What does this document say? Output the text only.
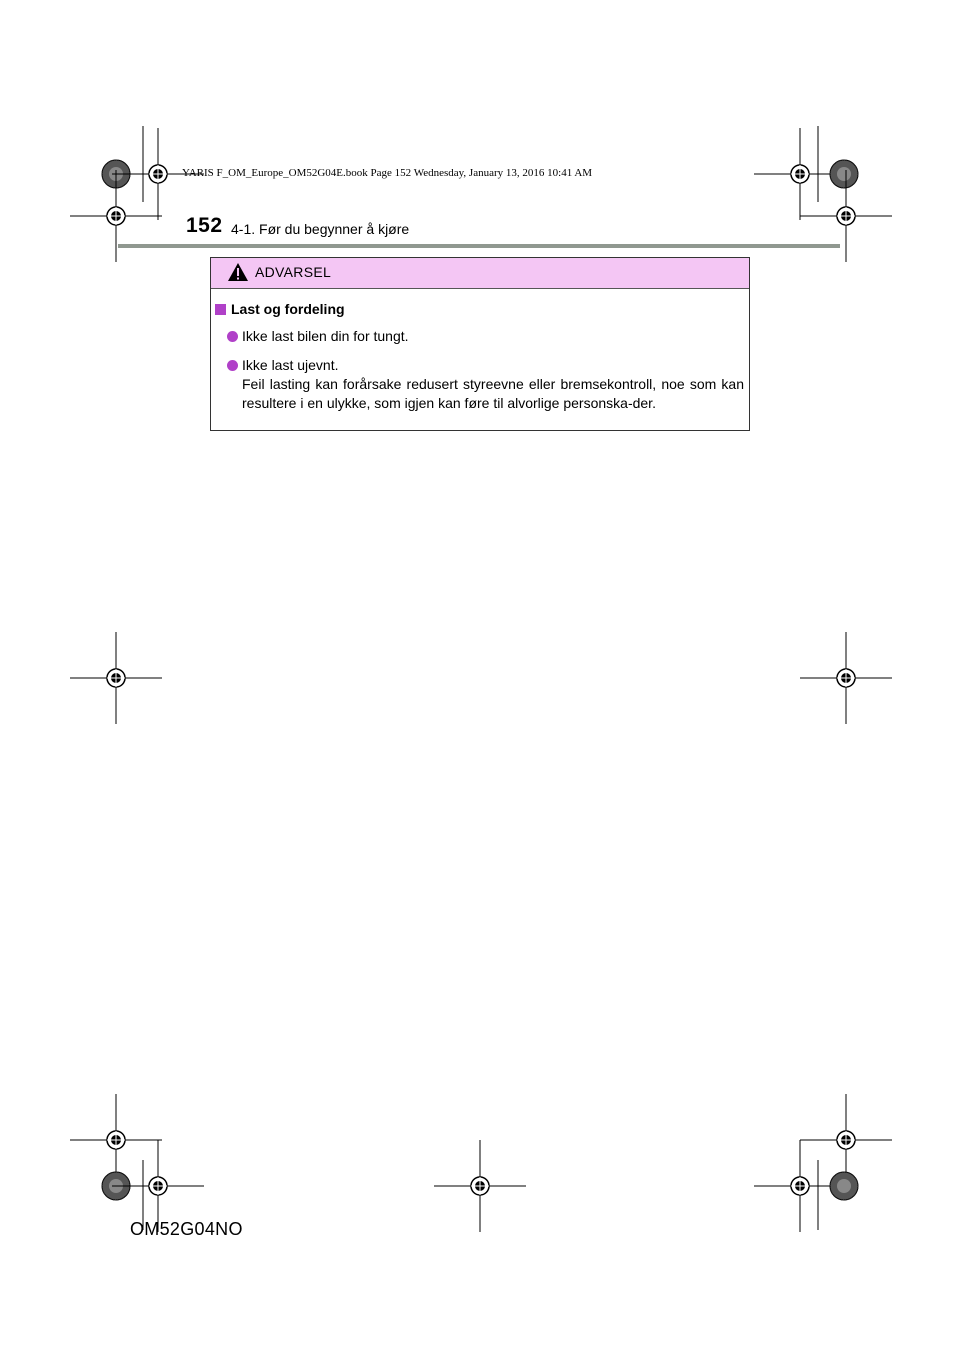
YARIS F_OM_Europe_OM52G04E.book Page 152 Wednesday, January 13, 2016 10:41 AM
152 4-1. Før du begynner å kjøre
ADVARSEL
Last og fordeling
Ikke last bilen din for tungt.
Ikke last ujevnt.
Feil lasting kan forårsake redusert styreevne eller bremsekontroll, noe som kan resultere i en ulykke, som igjen kan føre til alvorlige personska-der.
OM52G04NO
